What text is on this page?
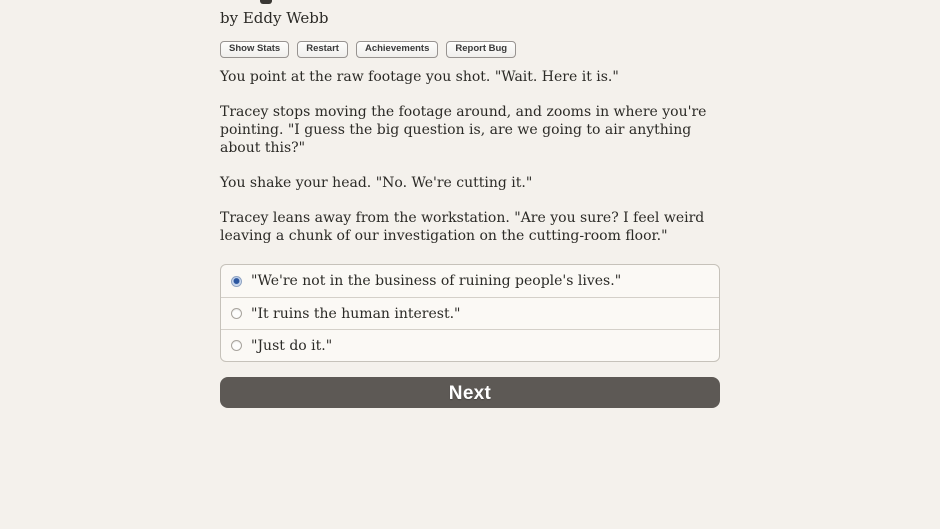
by Eddy Webb
Show Stats	Restart	Achievements	Report Bug

You point at the raw footage you shot. "Wait. Here it is."

Tracey stops moving the footage around, and zooms in where you're pointing. "I guess the big question is, are we going to air anything about this?"

You shake your head. "No. We're cutting it."

Tracey leans away from the workstation. "Are you sure? I feel weird leaving a chunk of our investigation on the cutting-room floor."

"We're not in the business of ruining people's lives."
"It ruins the human interest."
"Just do it."
Next
